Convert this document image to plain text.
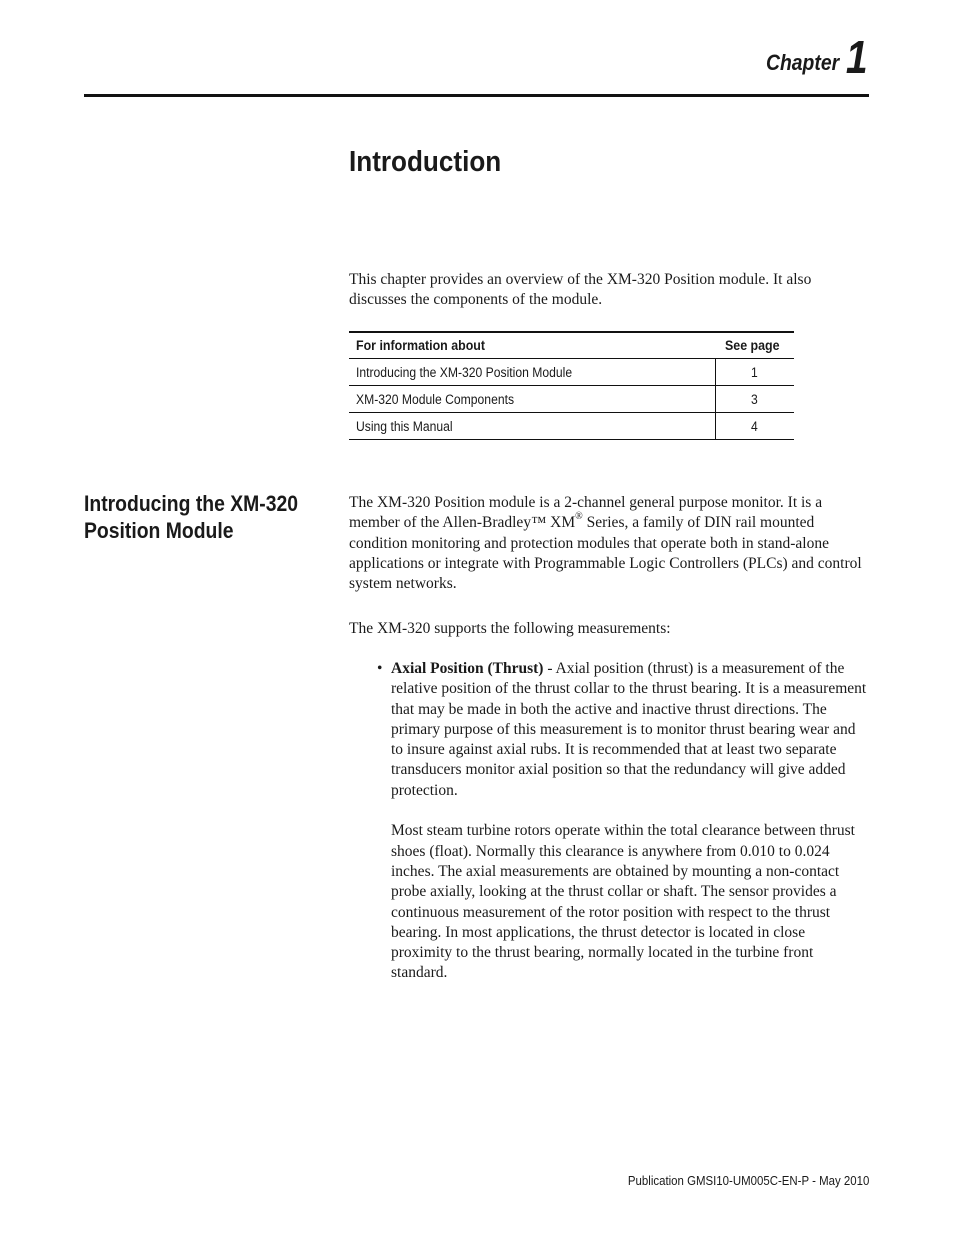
Chapter 1
Introduction

This chapter provides an overview of the XM-320 Position module. It also discusses the components of the module.

For information about	See page
Introducing the XM-320 Position Module	1
XM-320 Module Components	3
Using this Manual	4
Introducing the XM-320 Position Module

The XM-320 Position module is a 2-channel general purpose monitor. It is a member of the Allen-Bradley™ XM® Series, a family of DIN rail mounted condition monitoring and protection modules that operate both in stand-alone applications or integrate with Programmable Logic Controllers (PLCs) and control system networks.

The XM-320 supports the following measurements:

• Axial Position (Thrust) - Axial position (thrust) is a measurement of the relative position of the thrust collar to the thrust bearing. It is a measurement that may be made in both the active and inactive thrust directions. The primary purpose of this measurement is to monitor thrust bearing wear and to insure against axial rubs. It is recommended that at least two separate transducers monitor axial position so that the redundancy will give added protection.
Most steam turbine rotors operate within the total clearance between thrust shoes (float). Normally this clearance is anywhere from 0.010 to 0.024 inches. The axial measurements are obtained by mounting a non-contact probe axially, looking at the thrust collar or shaft. The sensor provides a continuous measurement of the rotor position with respect to the thrust bearing. In most applications, the thrust detector is located in close proximity to the thrust bearing, normally located in the turbine front standard.
Publication GMSI10-UM005C-EN-P - May 2010
